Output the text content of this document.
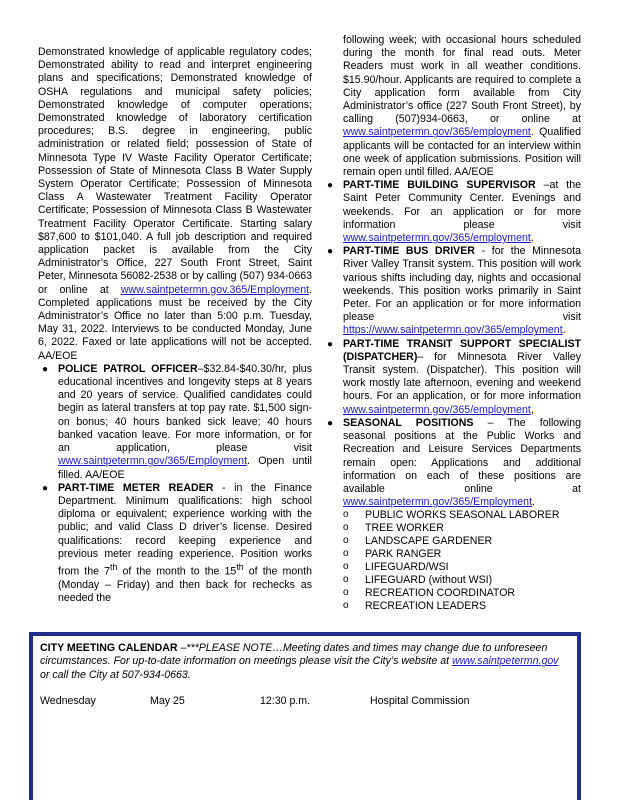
Demonstrated knowledge of applicable regulatory codes; Demonstrated ability to read and interpret engineering plans and specifications; Demonstrated knowledge of OSHA regulations and municipal safety policies; Demonstrated knowledge of computer operations; Demonstrated knowledge of laboratory certification procedures; B.S. degree in engineering, public administration or related field; possession of State of Minnesota Type IV Waste Facility Operator Certificate; Possession of State of Minnesota Class B Water Supply System Operator Certificate; Possession of Minnesota Class A Wastewater Treatment Facility Operator Certificate; Possession of Minnesota Class B Wastewater Treatment Facility Operator Certificate. Starting salary $87,600 to $101,040. A full job description and required application packet is available from the City Administrator’s Office, 227 South Front Street, Saint Peter, Minnesota 56082-2538 or by calling (507) 934-0663 or online at www.saintpetermn.gov.365/Employment. Completed applications must be received by the City Administrator’s Office no later than 5:00 p.m. Tuesday, May 31, 2022. Interviews to be conducted Monday, June 6, 2022. Faxed or late applications will not be accepted. AA/EOE

● POLICE PATROL OFFICER–$32.84-$40.30/hr, plus educational incentives and longevity steps at 8 years and 20 years of service. Qualified candidates could begin as lateral transfers at top pay rate. $1,500 sign-on bonus; 40 hours banked sick leave; 40 hours banked vacation leave. For more information, or for an application, please visit www.saintpetermn.gov/365/Employment. Open until filled. AA/EOE

● PART-TIME METER READER - in the Finance Department. Minimum qualifications: high school diploma or equivalent; experience working with the public; and valid Class D driver’s license. Desired qualifications: record keeping experience and previous meter reading experience. Position works from the 7th of the month to the 15th of the month (Monday – Friday) and then back for rechecks as needed the

following week; with occasional hours scheduled during the month for final read outs. Meter Readers must work in all weather conditions. $15.90/hour. Applicants are required to complete a City application form available from City Administrator’s office (227 South Front Street), by calling (507)934-0663, or online at www.saintpetermn.gov/365/employment. Qualified applicants will be contacted for an interview within one week of application submissions. Position will remain open until filled. AA/EOE

● PART-TIME BUILDING SUPERVISOR –at the Saint Peter Community Center. Evenings and weekends. For an application or for more information please visit www.saintpetermn.gov/365/employment.

● PART-TIME BUS DRIVER - for the Minnesota River Valley Transit system. This position will work various shifts including day, nights and occasional weekends. This position works primarily in Saint Peter. For an application or for more information please visit https://www.saintpetermn.gov/365/employment.

● PART-TIME TRANSIT SUPPORT SPECIALIST (DISPATCHER)– for Minnesota River Valley Transit system. (Dispatcher). This position will work mostly late afternoon, evening and weekend hours. For an application, or for more information www.saintpetermn.gov/365/employment,

● SEASONAL POSITIONS – The following seasonal positions at the Public Works and Recreation and Leisure Services Departments remain open: Applications and additional information on each of these positions are available online at www.saintpetermn.gov/365/Employment.

o PUBLIC WORKS SEASONAL LABORER
o TREE WORKER
o LANDSCAPE GARDENER
o PARK RANGER
o LIFEGUARD/WSI
o LIFEGUARD (without WSI)
o RECREATION COORDINATOR
o RECREATION LEADERS
CITY MEETING CALENDAR –***PLEASE NOTE…Meeting dates and times may change due to unforeseen circumstances. For up-to-date information on meetings please visit the City’s website at www.saintpetermn.gov or call the City at 507-934-0663.
Wednesday	May 25	12:30 p.m.	Hospital Commission
